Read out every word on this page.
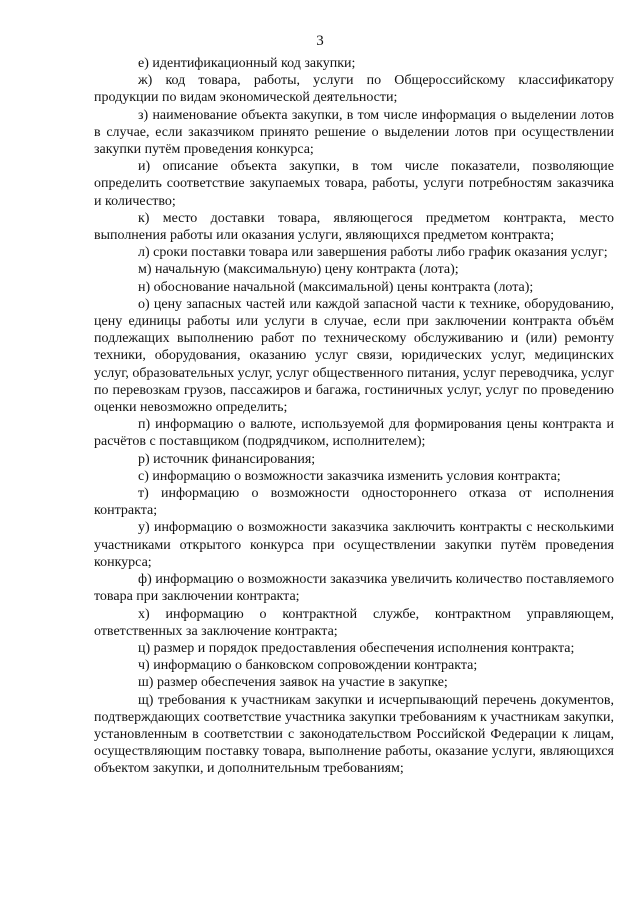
3

е) идентификационный код закупки;

ж) код товара, работы, услуги по Общероссийскому классификатору продукции по видам экономической деятельности;

з) наименование объекта закупки, в том числе информация о выделении лотов в случае, если заказчиком принято решение о выделении лотов при осуществлении закупки путём проведения конкурса;

и) описание объекта закупки, в том числе показатели, позволяющие определить соответствие закупаемых товара, работы, услуги потребностям заказчика и количество;

к) место доставки товара, являющегося предметом контракта, место выполнения работы или оказания услуги, являющихся предметом контракта;

л) сроки поставки товара или завершения работы либо график оказания услуг;

м) начальную (максимальную) цену контракта (лота);

н) обоснование начальной (максимальной) цены контракта (лота);

о) цену запасных частей или каждой запасной части к технике, оборудованию, цену единицы работы или услуги в случае, если при заключении контракта объём подлежащих выполнению работ по техническому обслуживанию и (или) ремонту техники, оборудования, оказанию услуг связи, юридических услуг, медицинских услуг, образовательных услуг, услуг общественного питания, услуг переводчика, услуг по перевозкам грузов, пассажиров и багажа, гостиничных услуг, услуг по проведению оценки невозможно определить;

п) информацию о валюте, используемой для формирования цены контракта и расчётов с поставщиком (подрядчиком, исполнителем);

р) источник финансирования;

с) информацию о возможности заказчика изменить условия контракта;

т) информацию о возможности одностороннего отказа от исполнения контракта;

у) информацию о возможности заказчика заключить контракты с несколькими участниками открытого конкурса при осуществлении закупки путём проведения конкурса;

ф) информацию о возможности заказчика увеличить количество поставляемого товара при заключении контракта;

х) информацию о контрактной службе, контрактном управляющем, ответственных за заключение контракта;

ц) размер и порядок предоставления обеспечения исполнения контракта;

ч) информацию о банковском сопровождении контракта;

ш) размер обеспечения заявок на участие в закупке;

щ) требования к участникам закупки и исчерпывающий перечень документов, подтверждающих соответствие участника закупки требованиям к участникам закупки, установленным в соответствии с законодательством Российской Федерации к лицам, осуществляющим поставку товара, выполнение работы, оказание услуги, являющихся объектом закупки, и дополнительным требованиям;
